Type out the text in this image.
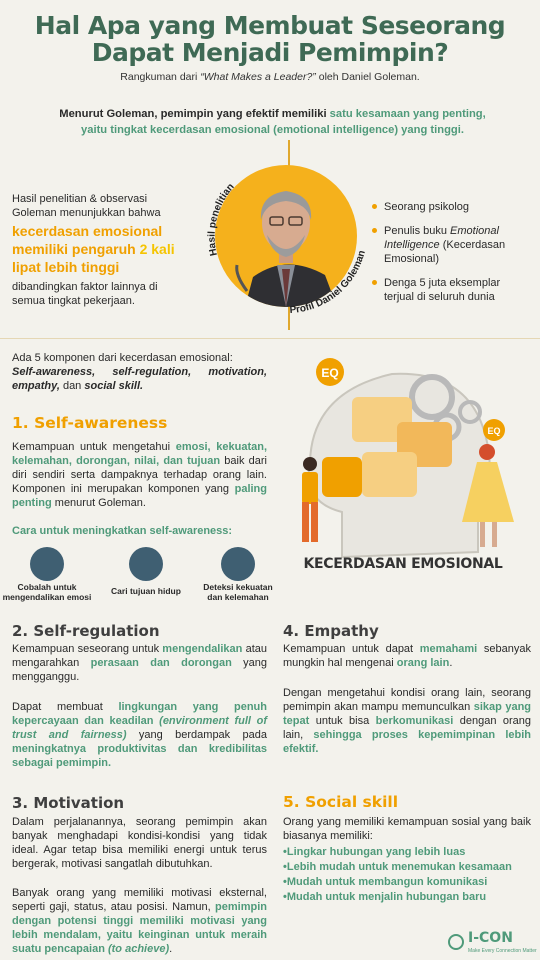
Hal Apa yang Membuat Seseorang
Dapat Menjadi Pemimpin?
Rangkuman dari “What Makes a Leader?” oleh Daniel Goleman.
Menurut Goleman, pemimpin yang efektif memiliki satu kesamaan yang penting, yaitu tingkat kecerdasan emosional (emotional intelligence) yang tinggi.
Hasil penelitian
Profil Daniel Goleman
Hasil penelitian & observasi Goleman menunjukkan bahwa
kecerdasan emosional memiliki pengaruh 2 kali lipat lebih tinggi
dibandingkan faktor lainnya di semua tingkat pekerjaan.
Seorang psikolog
Penulis buku Emotional Intelligence (Kecerdasan Emosional)
Denga 5 juta eksemplar terjual di seluruh dunia
Ada 5 komponen dari kecerdasan emosional:
Self-awareness, self-regulation, motivation, empathy, dan social skill.
EQ
EQ
KECERDASAN EMOSIONAL
1. Self-awareness
Kemampuan untuk mengetahui emosi, kekuatan, kelemahan, dorongan, nilai, dan tujuan baik dari diri sendiri serta dampaknya terhadap orang lain. Komponen ini merupakan komponen yang paling penting menurut Goleman.
Cara untuk meningkatkan self-awareness:
Cobalah untuk mengendalikan emosi
Cari tujuan hidup	Deteksi kekuatan dan kelemahan
2. Self-regulation
Kemampuan seseorang untuk mengendalikan atau mengarahkan perasaan dan dorongan yang mengganggu.
Dapat membuat lingkungan yang penuh kepercayaan dan keadilan (environment full of trust and fairness) yang berdampak pada meningkatnya produktivitas dan kredibilitas sebagai pemimpin.
3. Motivation
Dalam perjalanannya, seorang pemimpin akan banyak menghadapi kondisi-kondisi yang tidak ideal. Agar tetap bisa memiliki energi untuk terus bergerak, motivasi sangatlah dibutuhkan.
Banyak orang yang memiliki motivasi eksternal, seperti gaji, status, atau posisi. Namun, pemimpin dengan potensi tinggi memiliki motivasi yang lebih mendalam, yaitu keinginan untuk meraih suatu pencapaian (to achieve).
4. Empathy
Kemampuan untuk dapat memahami sebanyak mungkin hal mengenai orang lain.
Dengan mengetahui kondisi orang lain, seorang pemimpin akan mampu memunculkan sikap yang tepat untuk bisa berkomunikasi dengan orang lain, sehingga proses kepemimpinan lebih efektif.
5. Social skill
Orang yang memiliki kemampuan sosial yang baik biasanya memiliki:
•Lingkar hubungan yang lebih luas
•Lebih mudah untuk menemukan kesamaan
•Mudah untuk membangun komunikasi
•Mudah untuk menjalin hubungan baru
I-CON
Make Every Connection Matter
